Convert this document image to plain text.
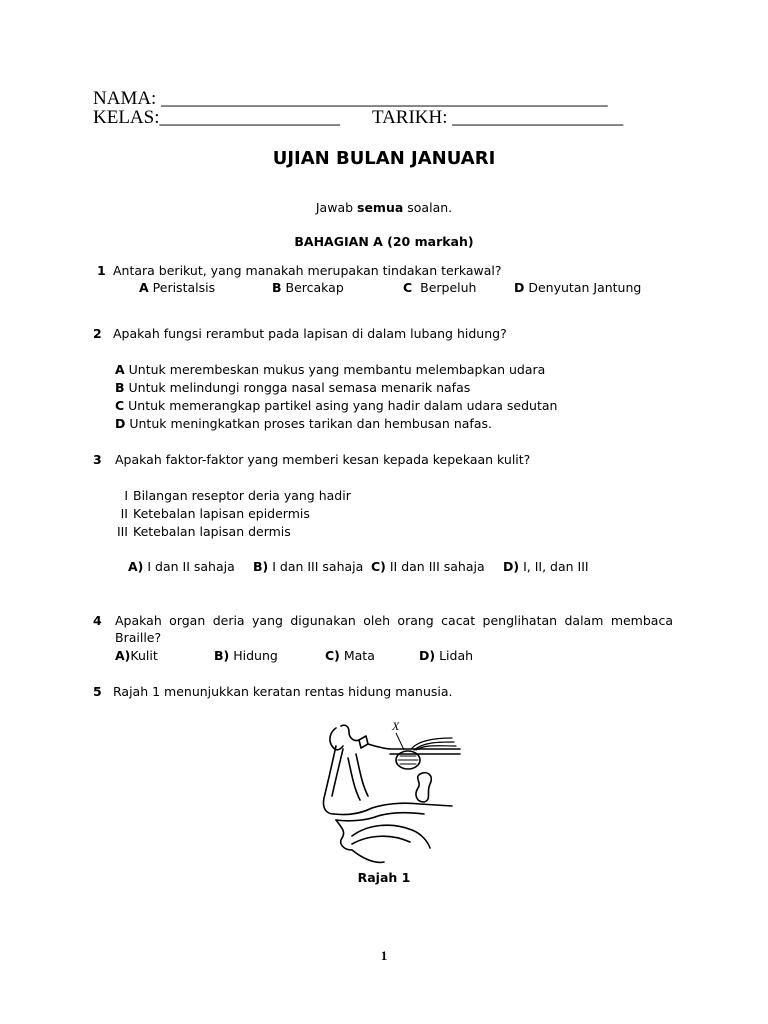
NAMA: _______________________________________________
KELAS:___________________ TARIKH: __________________
UJIAN BULAN JANUARI
Jawab semua soalan.
BAHAGIAN A (20 markah)
1 Antara berikut, yang manakah merupakan tindakan terkawal?
A Peristalsis	B Bercakap	C  Berpeluh	D Denyutan Jantung
2 Apakah fungsi rerambut pada lapisan di dalam lubang hidung?
A Untuk merembeskan mukus yang membantu melembapkan udara
B Untuk melindungi rongga nasal semasa menarik nafas
C Untuk memerangkap partikel asing yang hadir dalam udara sedutan
D Untuk meningkatkan proses tarikan dan hembusan nafas.
3 Apakah faktor-faktor yang memberi kesan kepada kepekaan kulit?
I Bilangan reseptor deria yang hadir
II Ketebalan lapisan epidermis
III Ketebalan lapisan dermis
A) I dan II sahaja B) I dan III sahaja C) II dan III sahaja D) I, II, dan III
4 Apakah organ deria yang digunakan oleh orang cacat penglihatan dalam membaca
Braille?
A)Kulit	B) Hidung	C) Mata	D) Lidah
5 Rajah 1 menunjukkan keratan rentas hidung manusia.
X
Rajah 1
1
